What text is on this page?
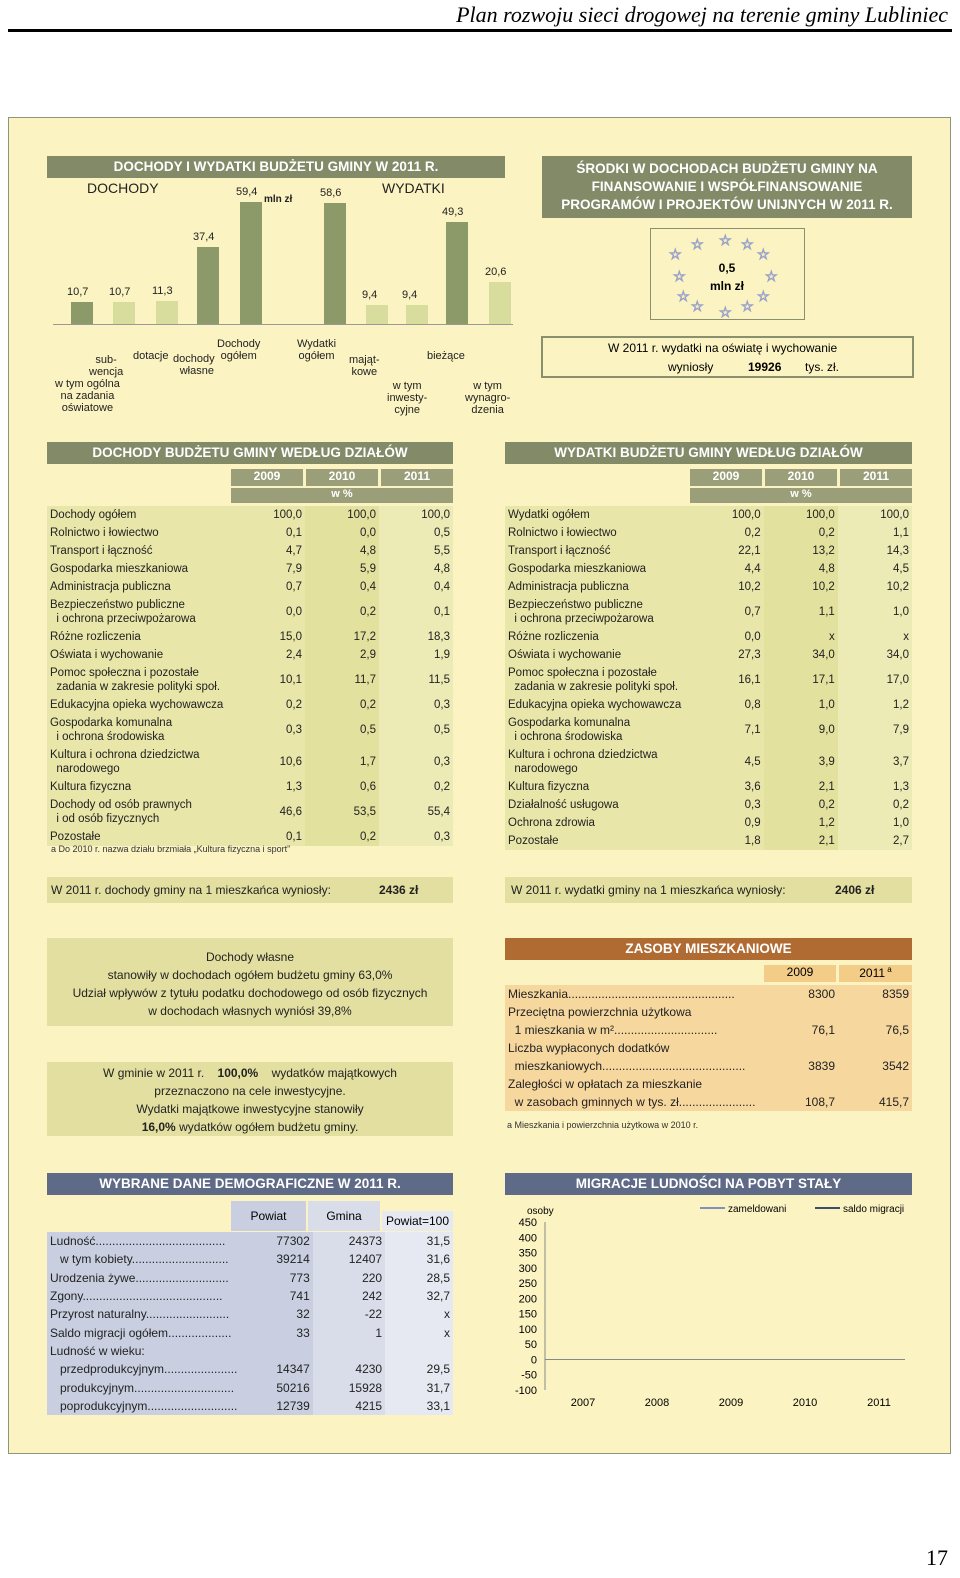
Plan rozwoju sieci drogowej na terenie gminy Lubliniec
DOCHODY I WYDATKI BUDŻETU GMINY W 2011 R.
DOCHODY	WYDATKI
mln zł
10,7 10,7 11,3
37,4
59,4	58,6
9,4 9,4
49,3
20,6
sub-
wencja
w tym ogólna
na zadania
oświatowe
dotacje dochody
własne
Dochody
ogółem
Wydatki
ogółem mająt-
kowe
w tym
inwesty-
cyjne
bieżące
w tym
wynagro-
dzenia
ŚRODKI W DOCHODACH BUDŻETU GMINY NA
FINANSOWANIE I WSPÓŁFINANSOWANIE
PROGRAMÓW I PROJEKTÓW UNIJNYCH W 2011 R.
☆
☆ ☆ ☆
☆
☆
☆
☆
☆
☆
☆
☆	0,5
mln zł
W 2011 r. wydatki na oświatę i wychowanie
wyniosły	19926 tys. zł.
DOCHODY BUDŻETU GMINY WEDŁUG DZIAŁÓW
2009	2010	2011
w %
Dochody ogółem	100,0	100,0	100,0
Rolnictwo i łowiectwo	0,1	0,0	0,5
Transport i łączność	4,7	4,8	5,5
Gospodarka mieszkaniowa	7,9	5,9	4,8
Administracja publiczna	0,7	0,4	0,4
Bezpieczeństwo publiczne
i ochrona przeciwpożarowa	0,0	0,2	0,1
Różne rozliczenia	15,0	17,2	18,3
Oświata i wychowanie	2,4	2,9	1,9
Pomoc społeczna i pozostałe
zadania w zakresie polityki społ.	10,1	11,7	11,5
Edukacyjna opieka wychowawcza	0,2	0,2	0,3
Gospodarka komunalna
i ochrona środowiska	0,3	0,5	0,5
Kultura i ochrona dziedzictwa
narodowego	10,6	1,7	0,3
Kultura fizyczna	1,3	0,6	0,2
Dochody od osób prawnych
i od osób fizycznych	46,6	53,5	55,4
Pozostałe	0,1	0,2	0,3
a Do 2010 r. nazwa działu brzmiała „Kultura fizyczna i sport”
WYDATKI BUDŻETU GMINY WEDŁUG DZIAŁÓW
2009	2010	2011
w %
Wydatki ogółem	100,0	100,0	100,0
Rolnictwo i łowiectwo	0,2	0,2	1,1
Transport i łączność	22,1	13,2	14,3
Gospodarka mieszkaniowa	4,4	4,8	4,5
Administracja publiczna	10,2	10,2	10,2
Bezpieczeństwo publiczne
i ochrona przeciwpożarowa	0,7	1,1	1,0
Różne rozliczenia	0,0	x	x
Oświata i wychowanie	27,3	34,0	34,0
Pomoc społeczna i pozostałe
zadania w zakresie polityki społ.	16,1	17,1	17,0
Edukacyjna opieka wychowawcza	0,8	1,0	1,2
Gospodarka komunalna
i ochrona środowiska	7,1	9,0	7,9
Kultura i ochrona dziedzictwa
narodowego	4,5	3,9	3,7
Kultura fizyczna	3,6	2,1	1,3
Działalność usługowa	0,3	0,2	0,2
Ochrona zdrowia	0,9	1,2	1,0
Pozostałe	1,8	2,1	2,7
W 2011 r. dochody gminy na 1 mieszkańca wyniosły:	2436 zł	W 2011 r. wydatki gminy na 1 mieszkańca wyniosły:	2406 zł
Dochody własne
stanowiły w dochodach ogółem budżetu gminy 63,0%
Udział wpływów z tytułu podatku dochodowego od osób fizycznych
w dochodach własnych wyniósł 39,8%
W gminie w 2011 r. 100,0% wydatków majątkowych
przeznaczono na cele inwestycyjne.
Wydatki majątkowe inwestycyjne stanowiły
16,0% wydatków ogółem budżetu gminy.
ZASOBY MIESZKANIOWE
2009	2011 $^a$
Mieszkania..................................................	8300	8359
Przeciętna powierzchnia użytkowa		
1 mieszkania w m²...............................	76,1	76,5
Liczba wypłaconych dodatków		
mieszkaniowych...........................................	3839	3542
Zaległości w opłatach za mieszkanie		
w zasobach gminnych w tys. zł.......................	108,7	415,7
a Mieszkania i powierzchnia użytkowa w 2010 r.
WYBRANE DANE DEMOGRAFICZNE W 2011 R.
Powiat	Gmina	Powiat=100
Ludność.......................................	77302	24373	31,5
w tym kobiety.............................	39214	12407	31,6
Urodzenia żywe............................	773	220	28,5
Zgony..........................................	741	242	32,7
Przyrost naturalny.........................	32	-22	x
Saldo migracji ogółem...................	33	1	x
Ludność w wieku:			
przedprodukcyjnym......................	14347	4230	29,5
produkcyjnym..............................	50216	15928	31,7
poprodukcyjnym...........................	12739	4215	33,1
MIGRACJE LUDNOŚCI NA POBYT STAŁY
osoby
450
400
350
300
250
200
150
100
50
0
-50
-100
2007	2008	2009	2010	2011
zameldowani	saldo migracji
17
